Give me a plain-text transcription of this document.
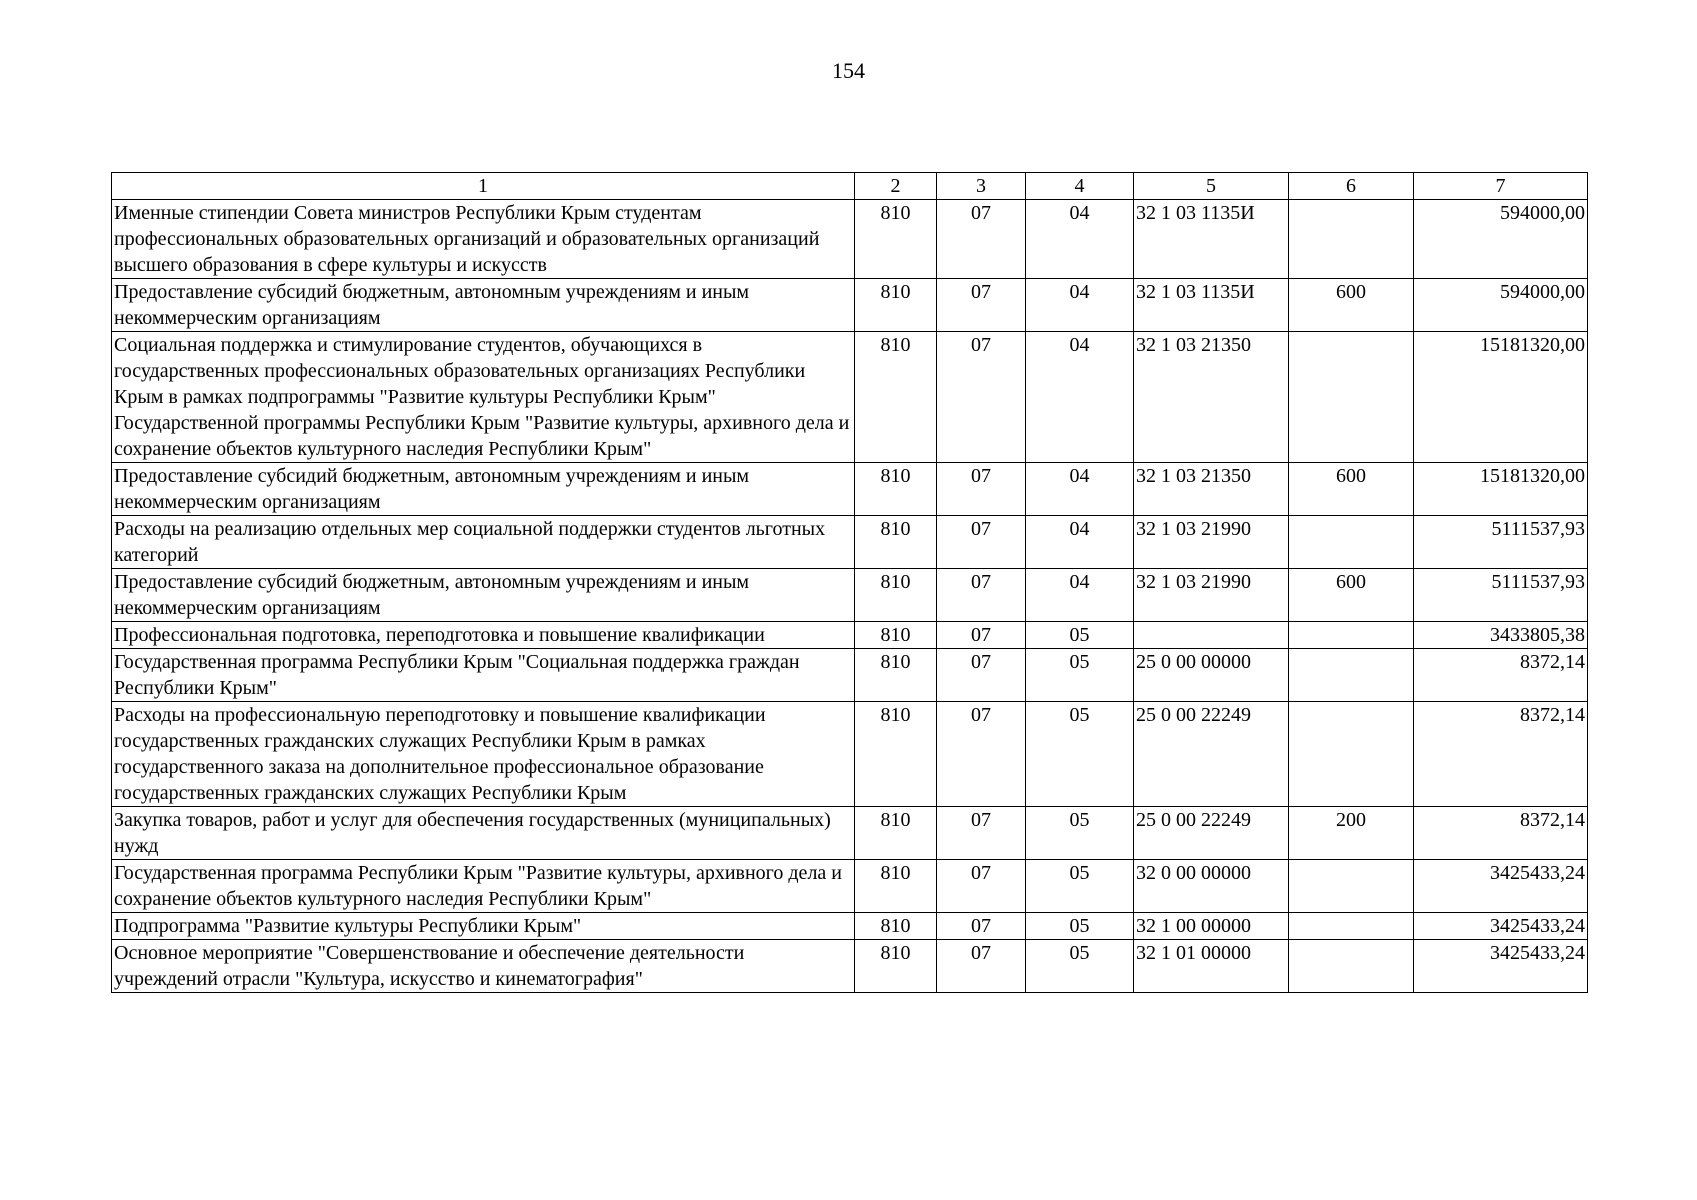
154
1	2	3	4	5	6	7
Именные стипендии Совета министров Республики Крым студентам профессиональных образовательных организаций и образовательных организаций высшего образования в сфере культуры и искусств	810	07	04	32 1 03 1135И		594000,00
Предоставление субсидий бюджетным, автономным учреждениям и иным некоммерческим организациям	810	07	04	32 1 03 1135И	600	594000,00
Социальная поддержка и стимулирование студентов, обучающихся в государственных профессиональных образовательных организациях Республики Крым в рамках подпрограммы "Развитие культуры Республики Крым" Государственной программы Республики Крым "Развитие культуры, архивного дела и сохранение объектов культурного наследия Республики Крым"	810	07	04	32 1 03 21350		15181320,00
Предоставление субсидий бюджетным, автономным учреждениям и иным некоммерческим организациям	810	07	04	32 1 03 21350	600	15181320,00
Расходы на реализацию отдельных мер социальной поддержки студентов льготных категорий	810	07	04	32 1 03 21990		5111537,93
Предоставление субсидий бюджетным, автономным учреждениям и иным некоммерческим организациям	810	07	04	32 1 03 21990	600	5111537,93
Профессиональная подготовка, переподготовка и повышение квалификации	810	07	05			3433805,38
Государственная программа Республики Крым "Социальная поддержка граждан Республики Крым"	810	07	05	25 0 00 00000		8372,14
Расходы на профессиональную переподготовку и повышение квалификации государственных гражданских служащих Республики Крым в рамках государственного заказа на дополнительное профессиональное образование государственных гражданских служащих Республики Крым	810	07	05	25 0 00 22249		8372,14
Закупка товаров, работ и услуг для обеспечения государственных (муниципальных) нужд	810	07	05	25 0 00 22249	200	8372,14
Государственная программа Республики Крым "Развитие культуры, архивного дела и сохранение объектов культурного наследия Республики Крым"	810	07	05	32 0 00 00000		3425433,24
Подпрограмма "Развитие культуры Республики Крым"	810	07	05	32 1 00 00000		3425433,24
Основное мероприятие "Совершенствование и обеспечение деятельности учреждений отрасли "Культура, искусство и кинематография"	810	07	05	32 1 01 00000		3425433,24
